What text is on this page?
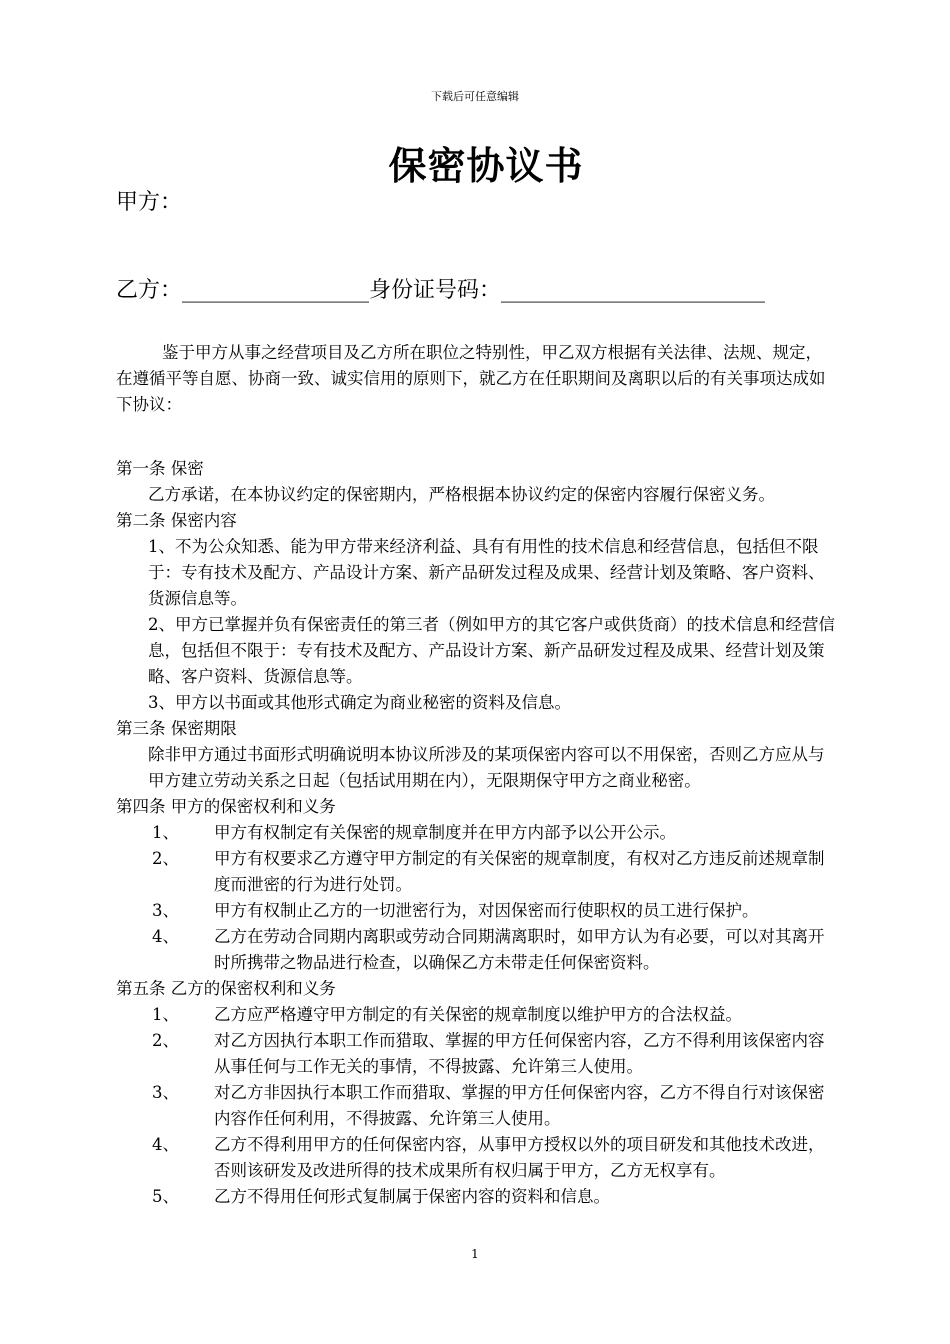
下载后可任意编辑
保密协议书
甲方：
乙方：_________________身份证号码：________________________

鉴于甲方从事之经营项目及乙方所在职位之特别性，甲乙双方根据有关法律、法规、规定，在遵循平等自愿、协商一致、诚实信用的原则下，就乙方在任职期间及离职以后的有关事项达成如下协议：

第一条 保密
乙方承诺，在本协议约定的保密期内，严格根据本协议约定的保密内容履行保密义务。
第二条 保密内容
1、不为公众知悉、能为甲方带来经济利益、具有有用性的技术信息和经营信息，包括但不限于：专有技术及配方、产品设计方案、新产品研发过程及成果、经营计划及策略、客户资料、货源信息等。
2、甲方已掌握并负有保密责任的第三者（例如甲方的其它客户或供货商）的技术信息和经营信息，包括但不限于：专有技术及配方、产品设计方案、新产品研发过程及成果、经营计划及策略、客户资料、货源信息等。
3、甲方以书面或其他形式确定为商业秘密的资料及信息。
第三条 保密期限
除非甲方通过书面形式明确说明本协议所涉及的某项保密内容可以不用保密，否则乙方应从与甲方建立劳动关系之日起（包括试用期在内），无限期保守甲方之商业秘密。
第四条 甲方的保密权利和义务
1、	甲方有权制定有关保密的规章制度并在甲方内部予以公开公示。
2、	甲方有权要求乙方遵守甲方制定的有关保密的规章制度，有权对乙方违反前述规章制度而泄密的行为进行处罚。
3、	甲方有权制止乙方的一切泄密行为，对因保密而行使职权的员工进行保护。
4、	乙方在劳动合同期内离职或劳动合同期满离职时，如甲方认为有必要，可以对其离开时所携带之物品进行检查，以确保乙方未带走任何保密资料。
第五条 乙方的保密权利和义务
1、	乙方应严格遵守甲方制定的有关保密的规章制度以维护甲方的合法权益。
2、	对乙方因执行本职工作而猎取、掌握的甲方任何保密内容，乙方不得利用该保密内容从事任何与工作无关的事情，不得披露、允许第三人使用。
3、	对乙方非因执行本职工作而猎取、掌握的甲方任何保密内容，乙方不得自行对该保密内容作任何利用，不得披露、允许第三人使用。
4、	乙方不得利用甲方的任何保密内容，从事甲方授权以外的项目研发和其他技术改进，否则该研发及改进所得的技术成果所有权归属于甲方，乙方无权享有。
5、	乙方不得用任何形式复制属于保密内容的资料和信息。
1
